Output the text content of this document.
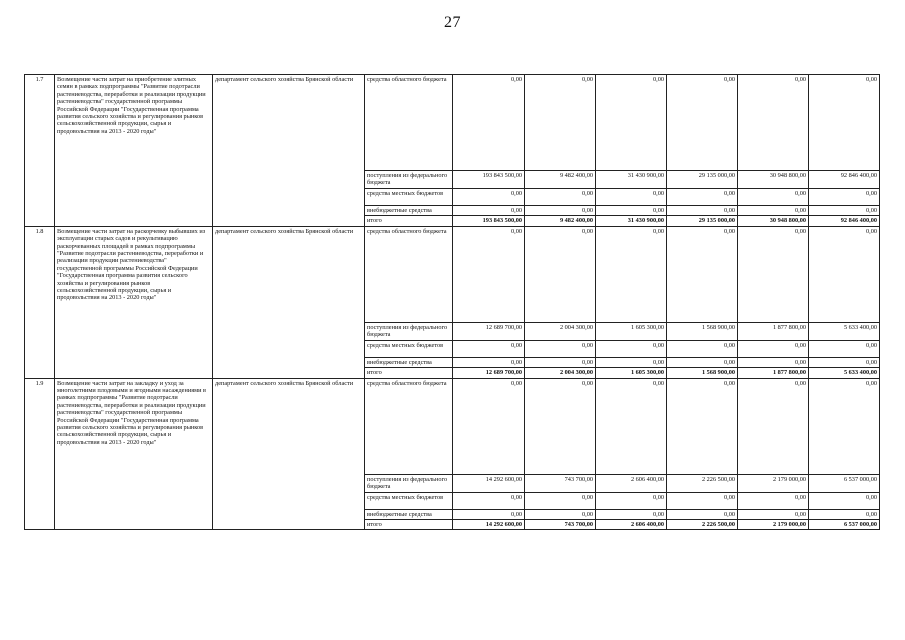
27
1.7	Возмещение части затрат на приобретение элитных семян в рамках подпрограммы "Развитие подотрасли растениеводства, переработки и реализации продукции растениеводства" государственной программы Российской Федерации "Государственная программа развития сельского хозяйства и регулирования рынков сельскохозяйственной продукции, сырья и продовольствия на 2013 - 2020 годы"	департамент сельского хозяйства Брянской области	средства областного бюджета	0,00	0,00	0,00	0,00	0,00	0,00
			поступления из федерального бюджета	193 843 500,00	9 482 400,00	31 430 900,00	29 135 000,00	30 948 800,00	92 846 400,00
			средства местных бюджетов	0,00	0,00	0,00	0,00	0,00	0,00
			внебюджетные средства	0,00	0,00	0,00	0,00	0,00	0,00
			итого	193 843 500,00	9 482 400,00	31 430 900,00	29 135 000,00	30 948 800,00	92 846 400,00
1.8	Возмещение части затрат на раскорчевку выбывших из эксплуатации старых садов и рекультивацию раскорчеванных площадей в рамках подпрограммы "Развитие подотрасли растениеводства, переработки и реализации продукции растениеводства" государственной программы Российской Федерации "Государственная программа развития сельского хозяйства и регулирования рынков сельскохозяйственной продукции, сырья и продовольствия на 2013 - 2020 годы"	департамент сельского хозяйства Брянской области	средства областного бюджета	0,00	0,00	0,00	0,00	0,00	0,00
			поступления из федерального бюджета	12 689 700,00	2 004 300,00	1 605 300,00	1 568 900,00	1 877 800,00	5 633 400,00
			средства местных бюджетов	0,00	0,00	0,00	0,00	0,00	0,00
			внебюджетные средства	0,00	0,00	0,00	0,00	0,00	0,00
			итого	12 689 700,00	2 004 300,00	1 605 300,00	1 568 900,00	1 877 800,00	5 633 400,00
1.9	Возмещение части затрат на закладку и уход за многолетними плодовыми и ягодными насаждениями в рамках подпрограммы "Развитие подотрасли растениеводства, переработки и реализации продукции растениеводства" государственной программы Российской Федерации "Государственная программа развития сельского хозяйства и регулирования рынков сельскохозяйственной продукции, сырья и продовольствия на 2013 - 2020 годы"	департамент сельского хозяйства Брянской области	средства областного бюджета	0,00	0,00	0,00	0,00	0,00	0,00
			поступления из федерального бюджета	14 292 600,00	743 700,00	2 606 400,00	2 226 500,00	2 179 000,00	6 537 000,00
			средства местных бюджетов	0,00	0,00	0,00	0,00	0,00	0,00
			внебюджетные средства	0,00	0,00	0,00	0,00	0,00	0,00
			итого	14 292 600,00	743 700,00	2 606 400,00	2 226 500,00	2 179 000,00	6 537 000,00
